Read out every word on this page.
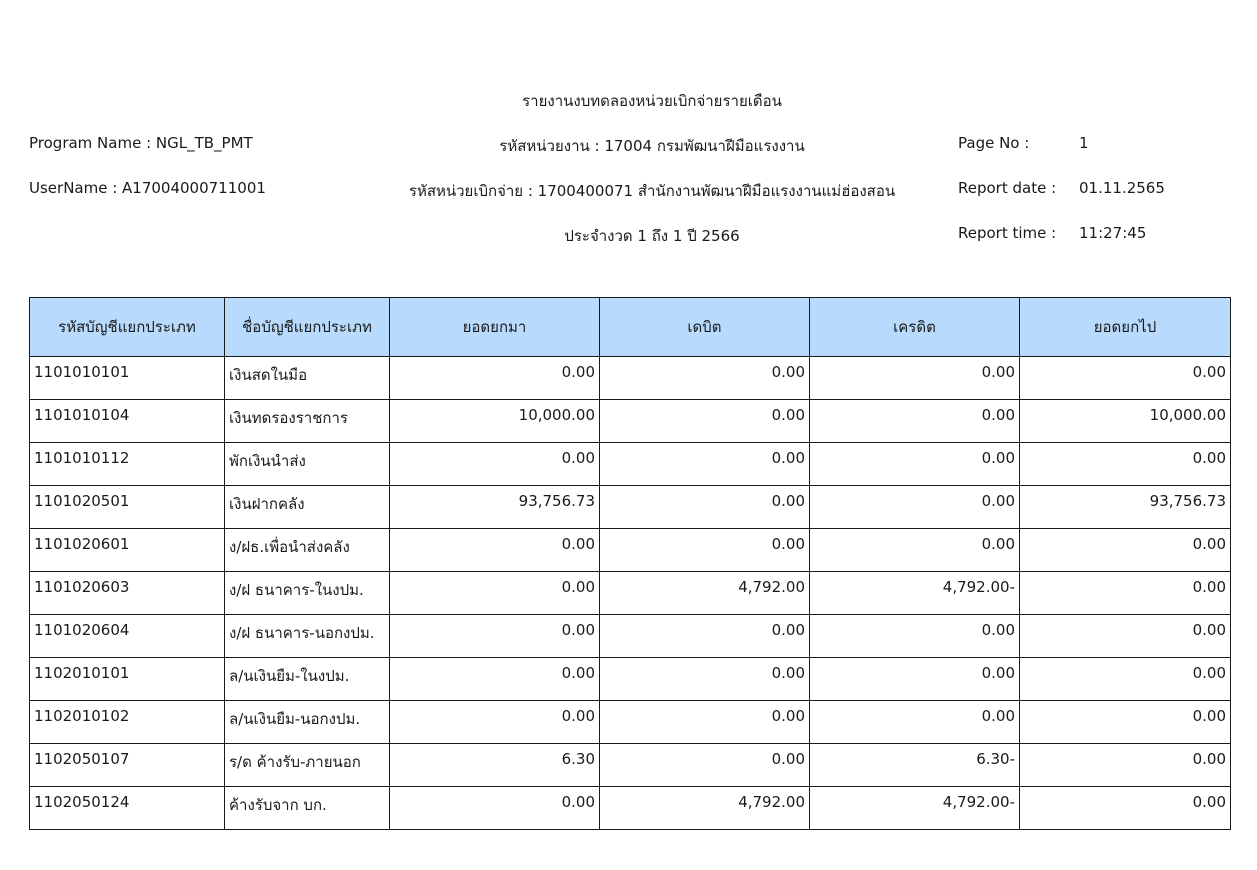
รายงานงบทดลองหน่วยเบิกจ่ายรายเดือน
Program Name : NGL_TB_PMT	รหัสหน่วยงาน : 17004 กรมพัฒนาฝีมือแรงงาน	Page No :	1
UserName : A17004000711001	รหัสหน่วยเบิกจ่าย : 1700400071 สำนักงานพัฒนาฝีมือแรงงานแม่ฮ่องสอน	Report date : 01.11.2565
ประจำงวด 1 ถึง 1 ปี 2566	Report time : 11:27:45
รหัสบัญชีแยกประเภท	ชื่อบัญชีแยกประเภท	ยอดยกมา	เดบิต	เครดิต	ยอดยกไป
1101010101	เงินสดในมือ	0.00	0.00	0.00	0.00
1101010104	เงินทดรองราชการ	10,000.00	0.00	0.00	10,000.00
1101010112	พักเงินนำส่ง	0.00	0.00	0.00	0.00
1101020501	เงินฝากคลัง	93,756.73	0.00	0.00	93,756.73
1101020601	ง/ฝธ.เพื่อนำส่งคลัง	0.00	0.00	0.00	0.00
1101020603	ง/ฝ ธนาคาร-ในงปม.	0.00	4,792.00	4,792.00-	0.00
1101020604	ง/ฝ ธนาคาร-นอกงปม.	0.00	0.00	0.00	0.00
1102010101	ล/นเงินยืม-ในงปม.	0.00	0.00	0.00	0.00
1102010102	ล/นเงินยืม-นอกงปม.	0.00	0.00	0.00	0.00
1102050107	ร/ด ค้างรับ-ภายนอก	6.30	0.00	6.30-	0.00
1102050124	ค้างรับจาก บก.	0.00	4,792.00	4,792.00-	0.00
